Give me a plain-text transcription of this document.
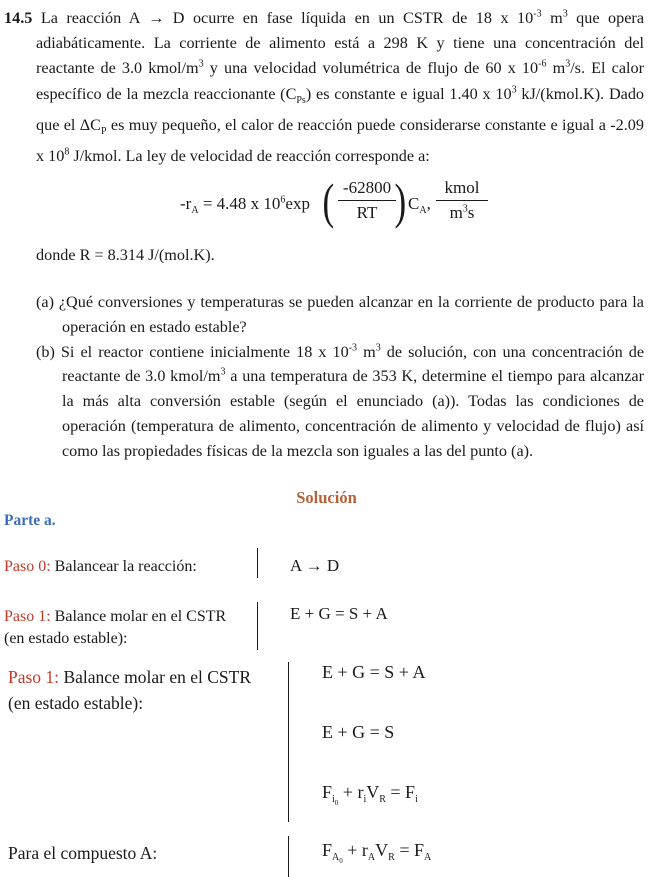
14.5 La reacción A → D ocurre en fase líquida en un CSTR de 18 x $10^{-3}$ $m^3$ que opera adiabáticamente. La corriente de alimento está a 298 K y tiene una concentración del reactante de 3.0 kmol/$m^3$ y una velocidad volumétrica de flujo de 60 x $10^{-6}$ $m^3/s$. El calor específico de la mezcla reaccionante $(C_{Ps})$ es constante e igual 1.40 x $10^3$ kJ/(kmol.K). Dado que el $\Delta C_P$ es muy pequeño, el calor de reacción puede considerarse constante e igual a -2.09 x $10^8$ J/kmol. La ley de velocidad de reacción corresponde a:
$-r_A = 4.48$ x $10^6\exp$ ( -62800
RT ) $C_A$,
kmol
$m^3s$
donde R = 8.314 J/(mol.K).

(a) ¿Qué conversiones y temperaturas se pueden alcanzar en la corriente de producto para la operación en estado estable?

(b) Si el reactor contiene inicialmente 18 x $10^{-3}$ $m^3$ de solución, con una concentración de reactante de 3.0 kmol/$m^3$ a una temperatura de 353 K, determine el tiempo para alcanzar la más alta conversión estable (según el enunciado (a)). Todas las condiciones de operación (temperatura de alimento, concentración de alimento y velocidad de flujo) así como las propiedades físicas de la mezcla son iguales a las del punto (a).

Solución
Parte a.
Paso 0: Balancear la reacción:	A → D
Paso 1: Balance molar en el CSTR
(en estado estable):
E + G = S + A
Paso 1: Balance molar en el CSTR
(en estado estable):
E + G = S + A
E + G = S
$F_{i_0} + r_iV_R = F_i$
Para el compuesto A:	$F_{A_0} + r_AV_R = F_A$
